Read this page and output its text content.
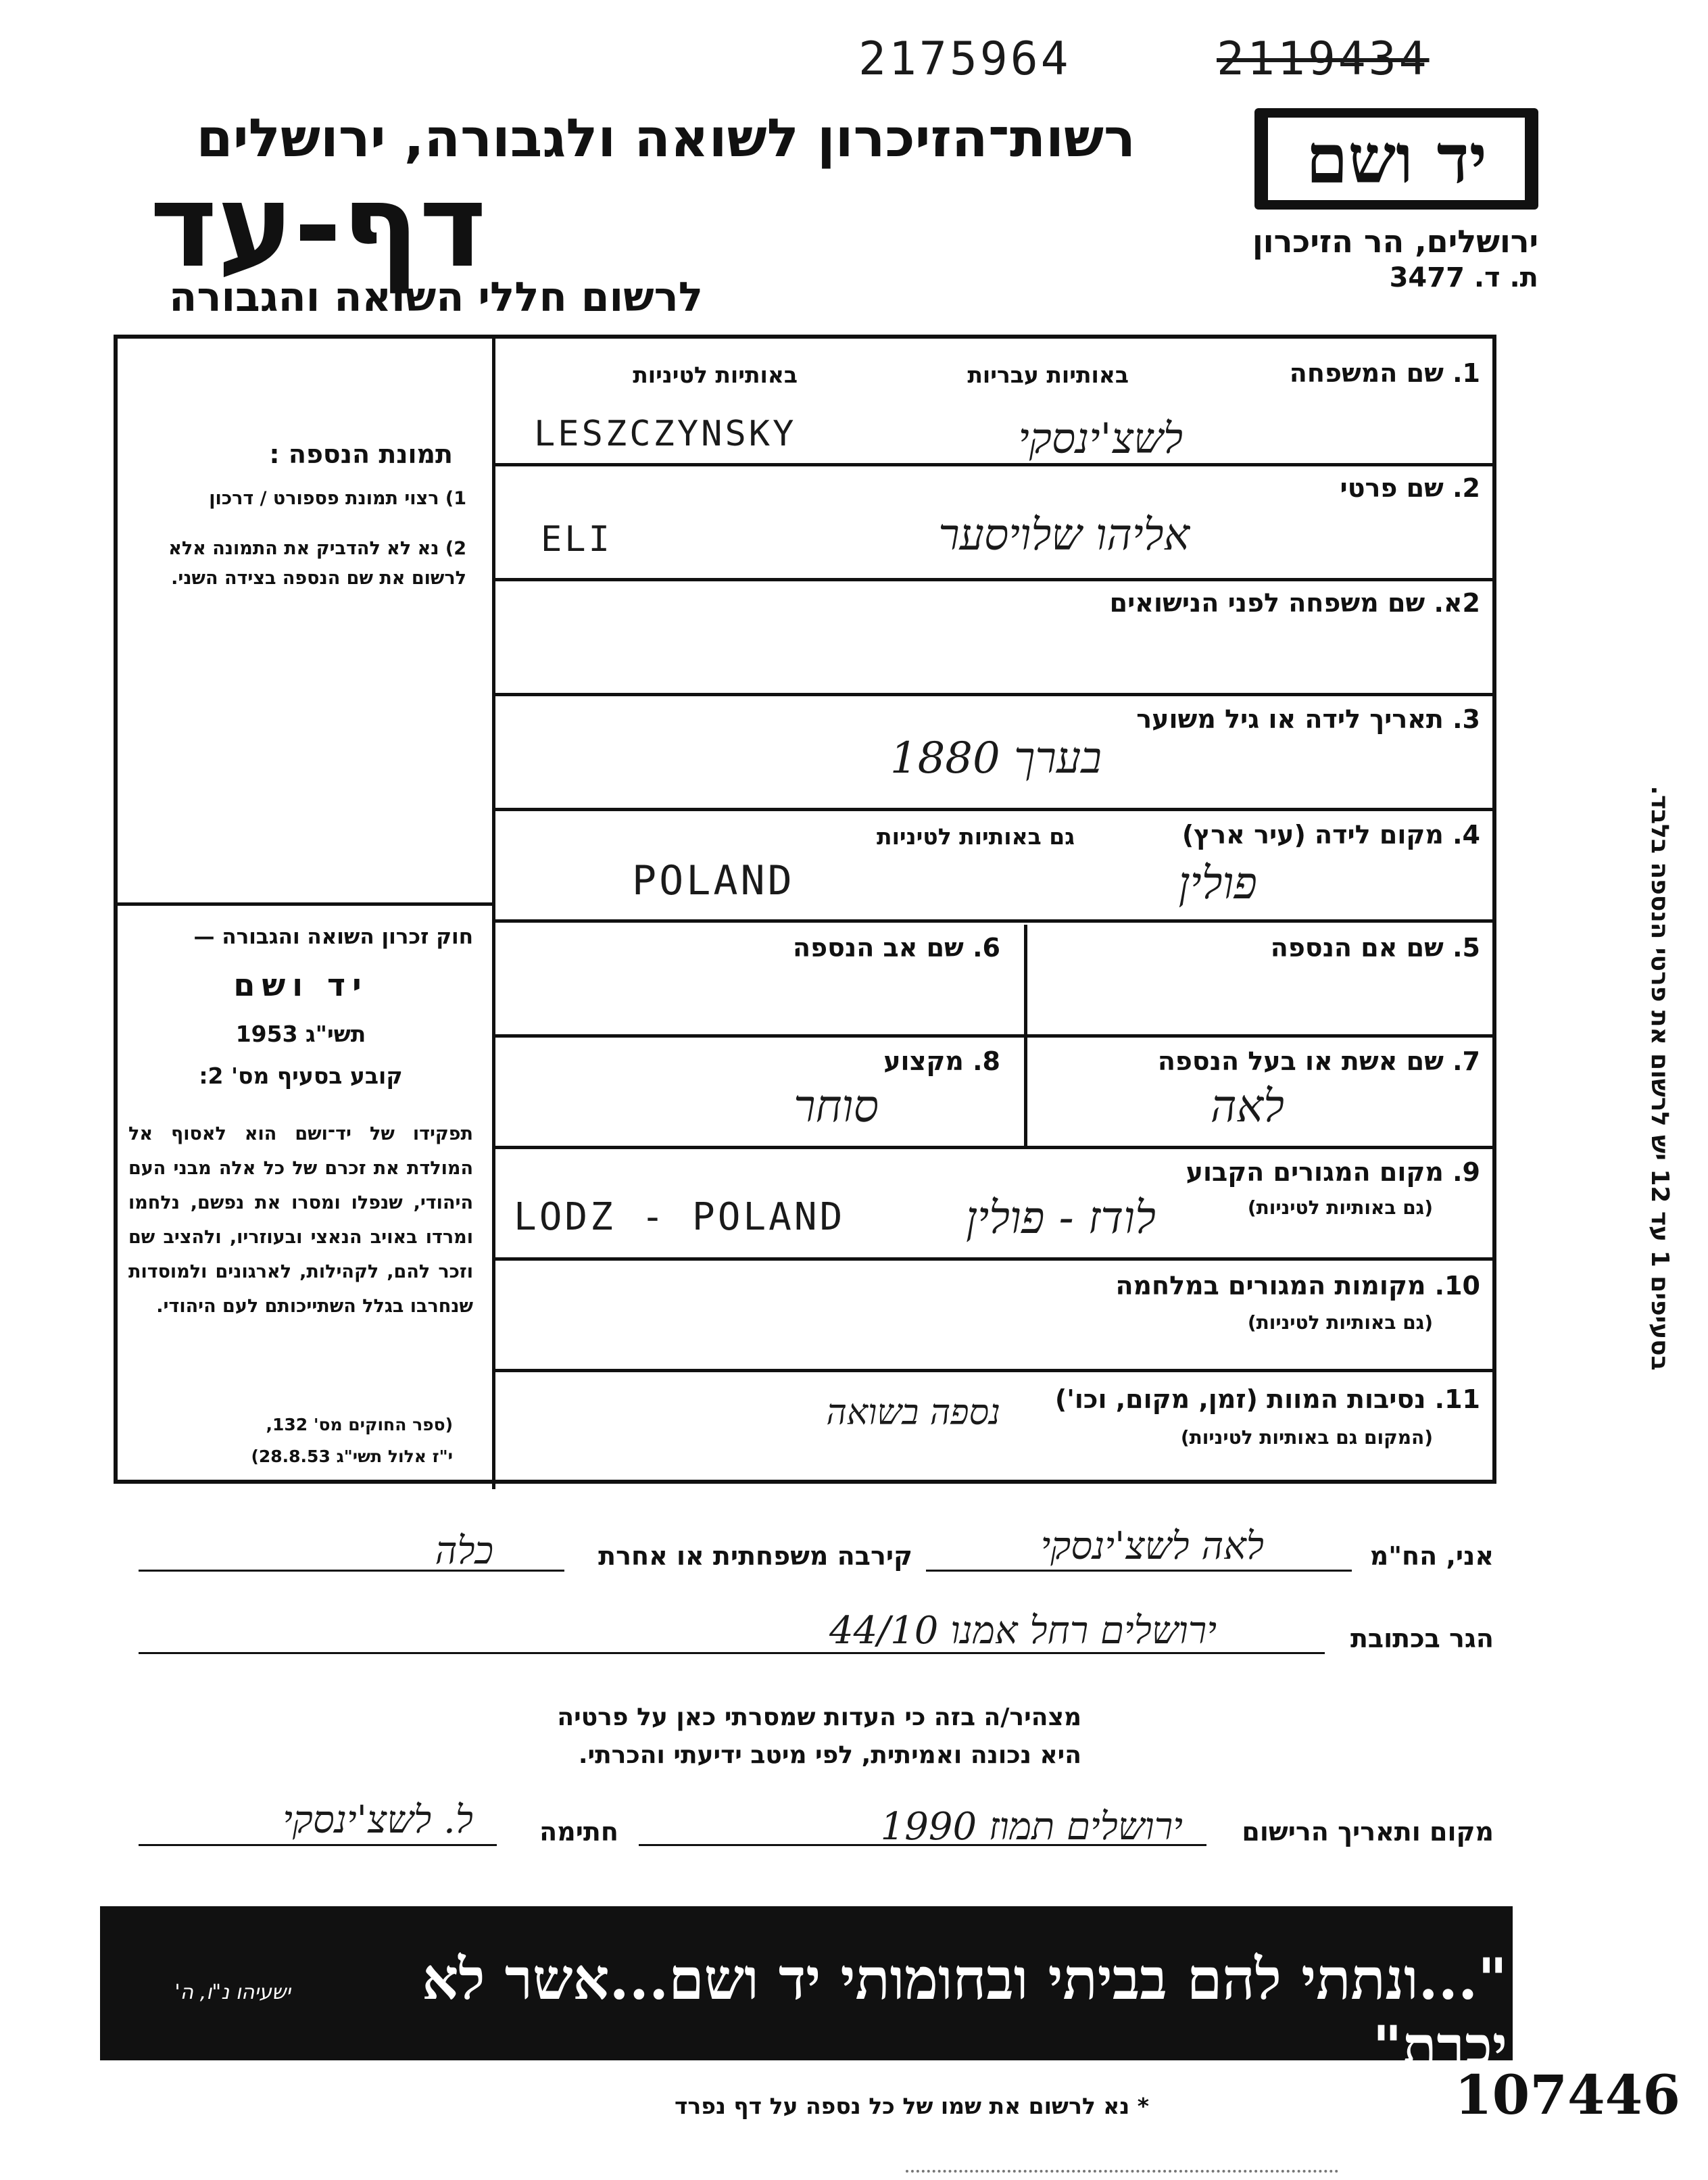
2175964	2119434
יד ושם
ירושלים, הר הזיכרון
ת. ד. 3477
רשות־הזיכרון לשואה ולגבורה, ירושלים
דף-עד
לרשום חללי השואה והגבורה
תמונת הנספה :
1) רצוי תמונת פספורט / דרכון
2) נא לא להדביק את התמונה אלא לרשום את שם הנספה בצידה השני.
חוק זכרון השואה והגבורה —
יד ושם
תשי"ג 1953
קובע בסעיף מס' 2:
תפקידו של יד־ושם הוא לאסוף אל המולדת את זכרם של כל אלה מבני העם היהודי, שנפלו ומסרו את נפשם, נלחמו ומרדו באויב הנאצי ובעוזריו, ולהציב שם וזכר להם, לקהילות, לארגונים ולמוסדות שנחרבו בגלל השתייכותם לעם היהודי.
(ספר החוקים מס' 132,
י"ז אלול תשי"ג 28.8.53)
1. שם המשפחה
באותיות עבריות
באותיות לטיניות
LESZCZYNSKY	לשצ'ינסקי
2. שם פרטי
ELI	אליהו שלויסער
2א. שם משפחה לפני הנישואים
3. תאריך לידה או גיל משוער
בערך 1880
4. מקום לידה (עיר ארץ)
גם באותיות לטיניות
POLAND	פולין
5. שם אם הנספה
6. שם אב הנספה
7. שם אשת או בעל הנספה
לאה
8. מקצוע
סוחר
9. מקום המגורים הקבוע
(גם באותיות לטיניות)
LODZ - POLAND	לודז - פולין
10. מקומות המגורים במלחמה
(גם באותיות לטיניות)
11. נסיבות המוות (זמן, מקום, וכו')
(המקום גם באותיות לטיניות)
נספה בשואה
בסעיפים 1 עד 12 יש לרשום את פרטי הנספה בלבד.
אני, הח"מ
לאה לשצ'ינסקי
קירבה משפחתית או אחרת
כלה
הגר בכתובת
ירושלים רחל אמנו 44/10
מצהיר/ה בזה כי העדות שמסרתי כאן על פרטיה
היא נכונה ואמיתית, לפי מיטב ידיעתי והכרתי.
מקום ותאריך הרישום
ירושלים תמוז 1990
חתימה
ל. לשצ'ינסקי
"...ונתתי להם בביתי ובחומותי יד ושם...אשר לא יכרת"
ישעיהו נ"ו, ה'
* נא לרשום את שמו של כל נספה על דף נפרד	107446
